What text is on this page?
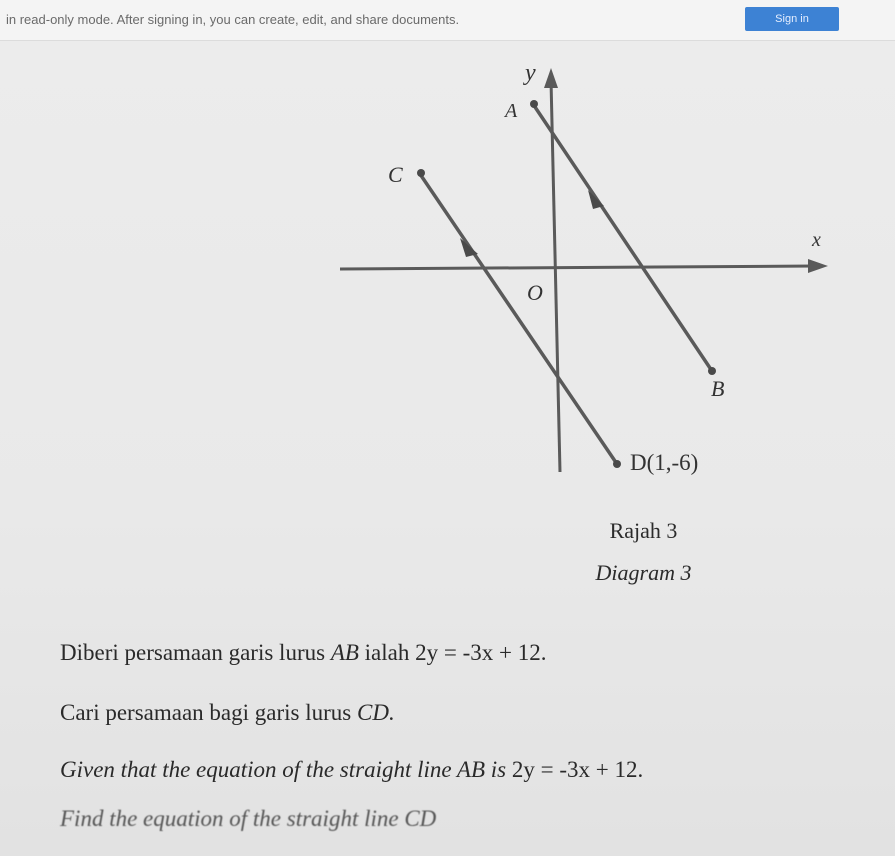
in read-only mode. After signing in, you can create, edit, and share documents.	Sign in
y
x
O
A
C
B
D(1,-6)
Rajah 3
Diagram 3
Diberi persamaan garis lurus AB ialah 2y = -3x + 12.
Cari persamaan bagi garis lurus CD.
Given that the equation of the straight line AB is 2y = -3x + 12.
Find the equation of the straight line CD
